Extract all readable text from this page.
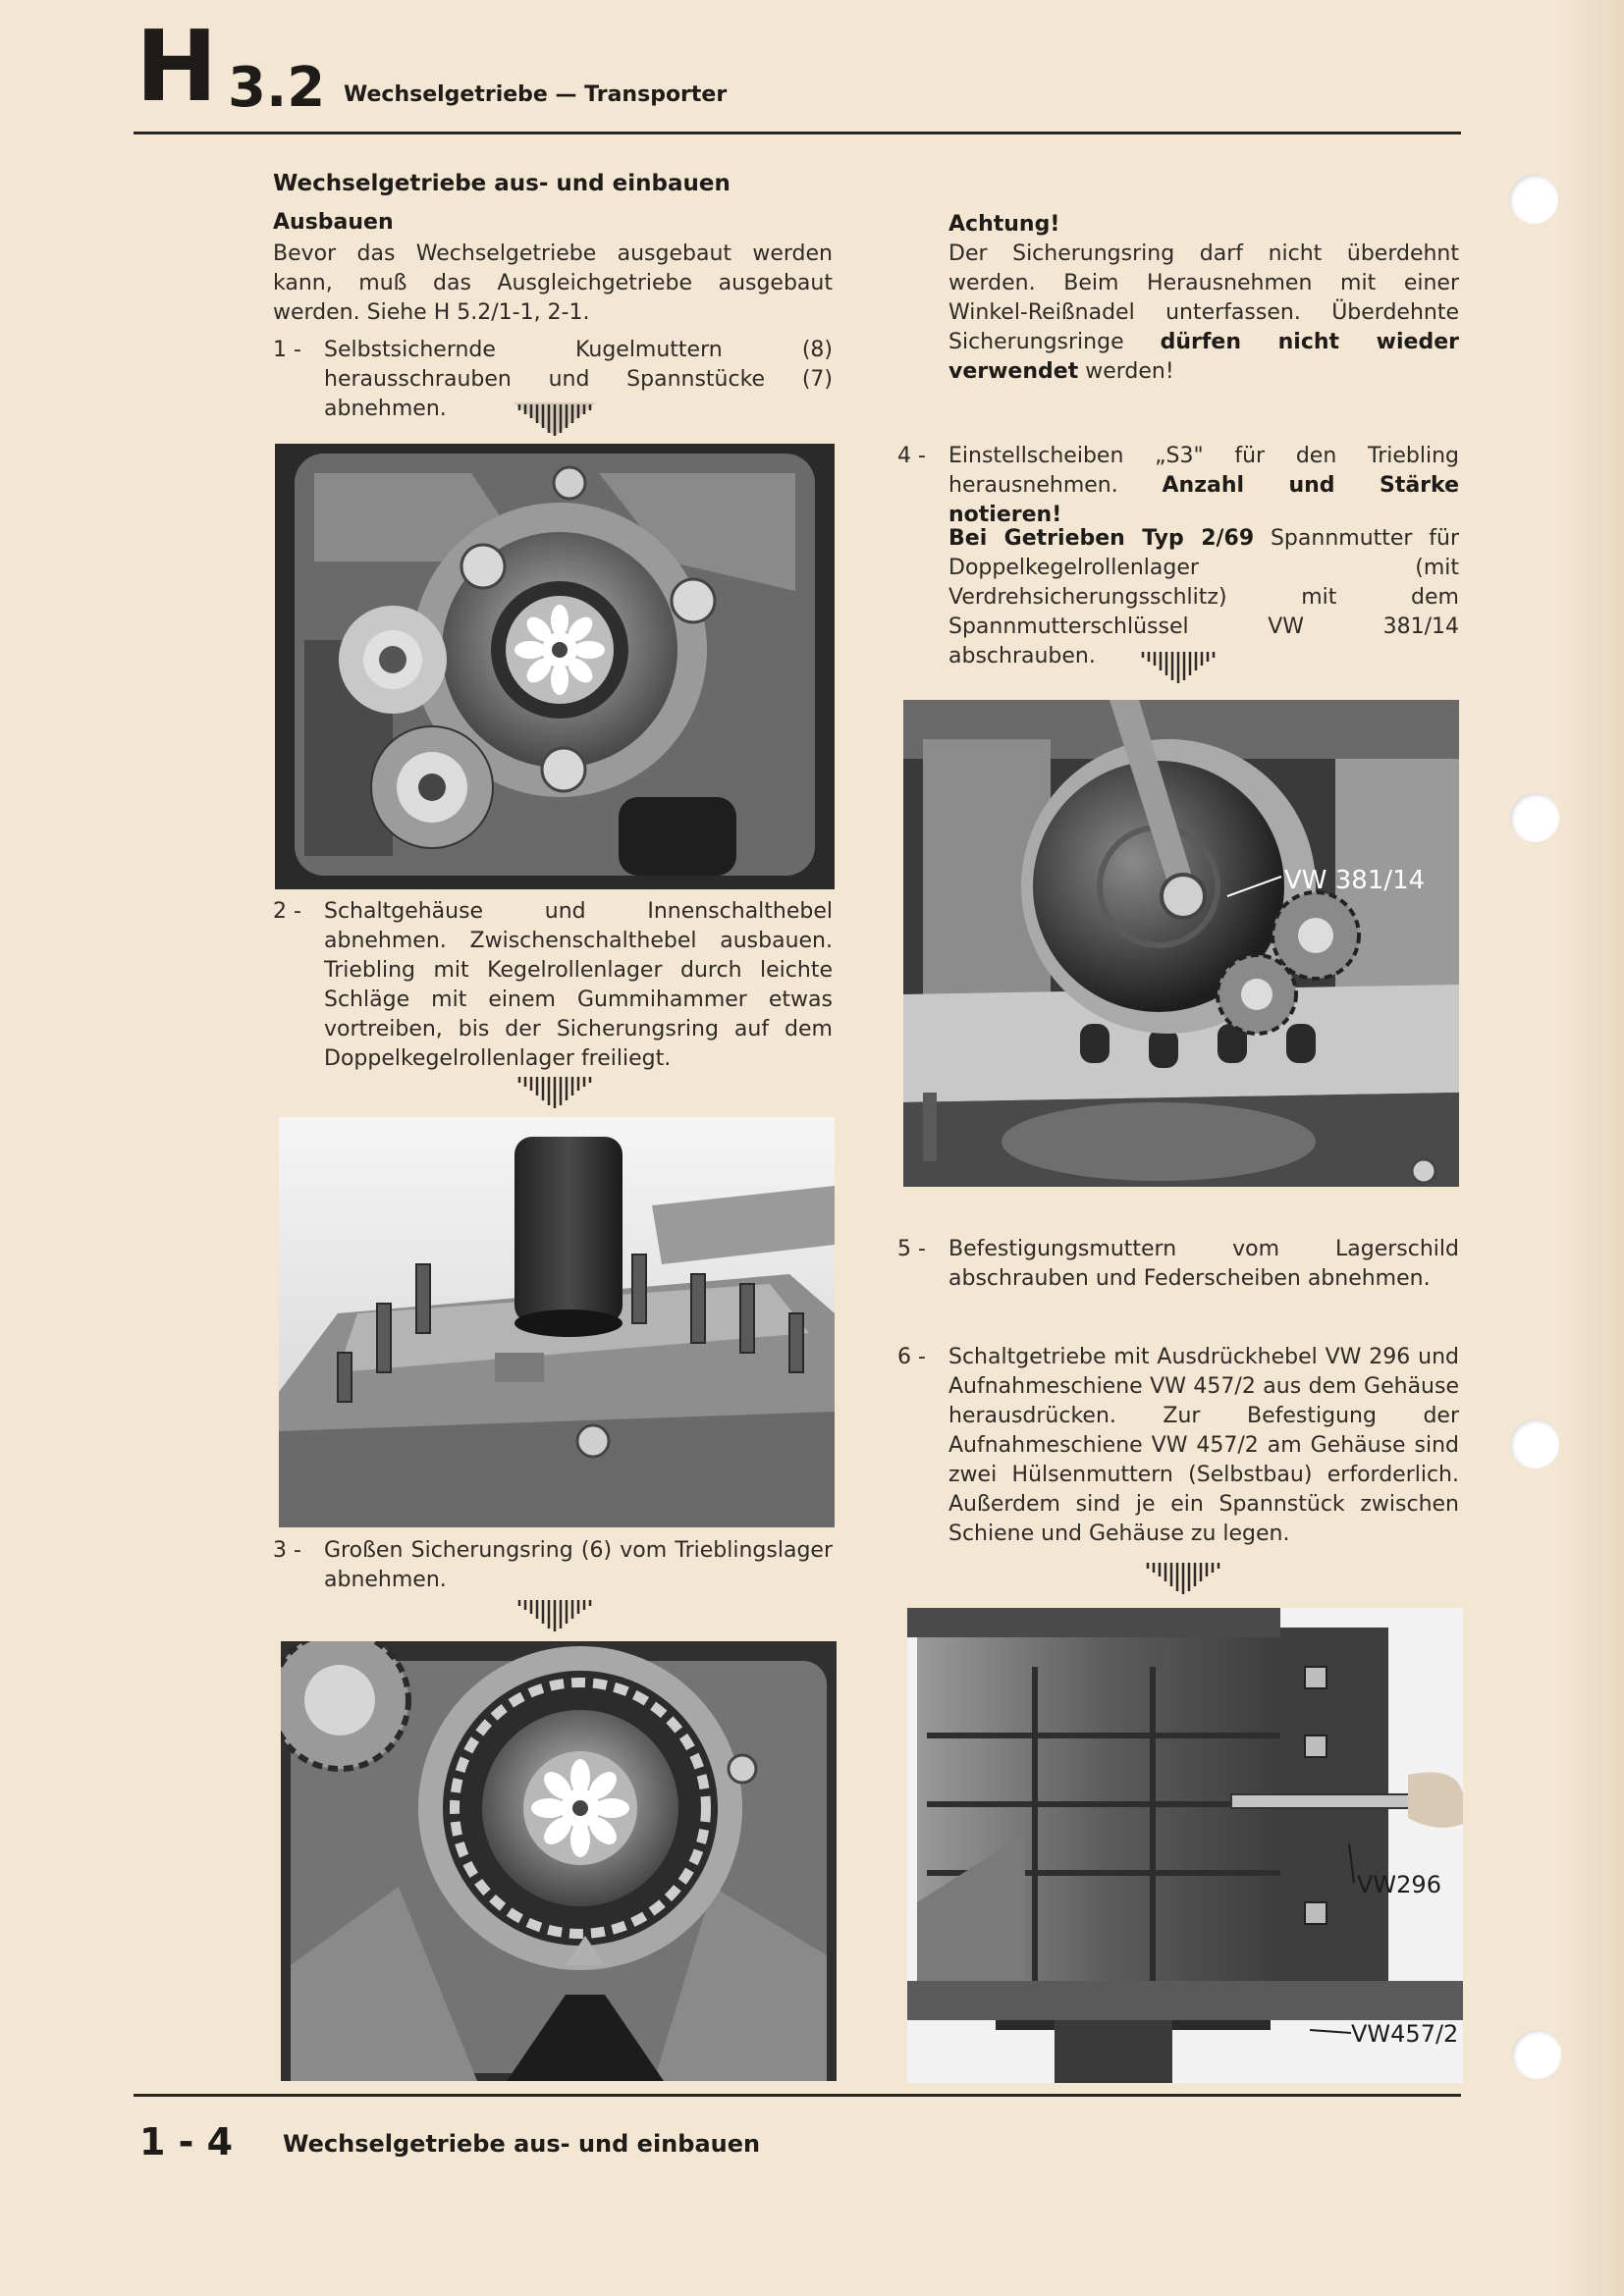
H 3.2 Wechselgetriebe — Transporter
Wechselgetriebe aus- und einbauen
Ausbauen

Bevor das Wechselgetriebe ausgebaut werden kann, muß das Ausgleichgetriebe ausgebaut werden. Siehe H 5.2/1-1, 2-1.

1 -	Selbstsichernde Kugelmuttern (8) herausschrauben und Spannstücke (7) abnehmen.
2 -	Schaltgehäuse und Innenschalthebel abnehmen. Zwischenschalthebel ausbauen. Triebling mit Kegelrollenlager durch leichte Schläge mit einem Gummihammer etwas vortreiben, bis der Sicherungsring auf dem Doppelkegelrollenlager freiliegt.
3 -	Großen Sicherungsring (6) vom Trieblingslager abnehmen.
Achtung!

Der Sicherungsring darf nicht überdehnt werden. Beim Herausnehmen mit einer Winkel-Reißnadel unterfassen. Überdehnte Sicherungsringe dürfen nicht wieder verwendet werden!

4 -	Einstellscheiben „S3" für den Triebling herausnehmen. Anzahl und Stärke notieren!

Bei Getrieben Typ 2/69 Spannmutter für Doppelkegelrollenlager (mit Verdrehsicherungsschlitz) mit dem Spannmutterschlüssel VW 381/14 abschrauben.

VW 381/14
5 -	Befestigungsmuttern vom Lagerschild abschrauben und Federscheiben abnehmen.
6 -	Schaltgetriebe mit Ausdrückhebel VW 296 und Aufnahmeschiene VW 457/2 aus dem Gehäuse herausdrücken. Zur Befestigung der Aufnahmeschiene VW 457/2 am Gehäuse sind zwei Hülsenmuttern (Selbstbau) erforderlich. Außerdem sind je ein Spannstück zwischen Schiene und Gehäuse zu legen.
VW296
VW457/2
1 - 4 Wechselgetriebe aus- und einbauen
